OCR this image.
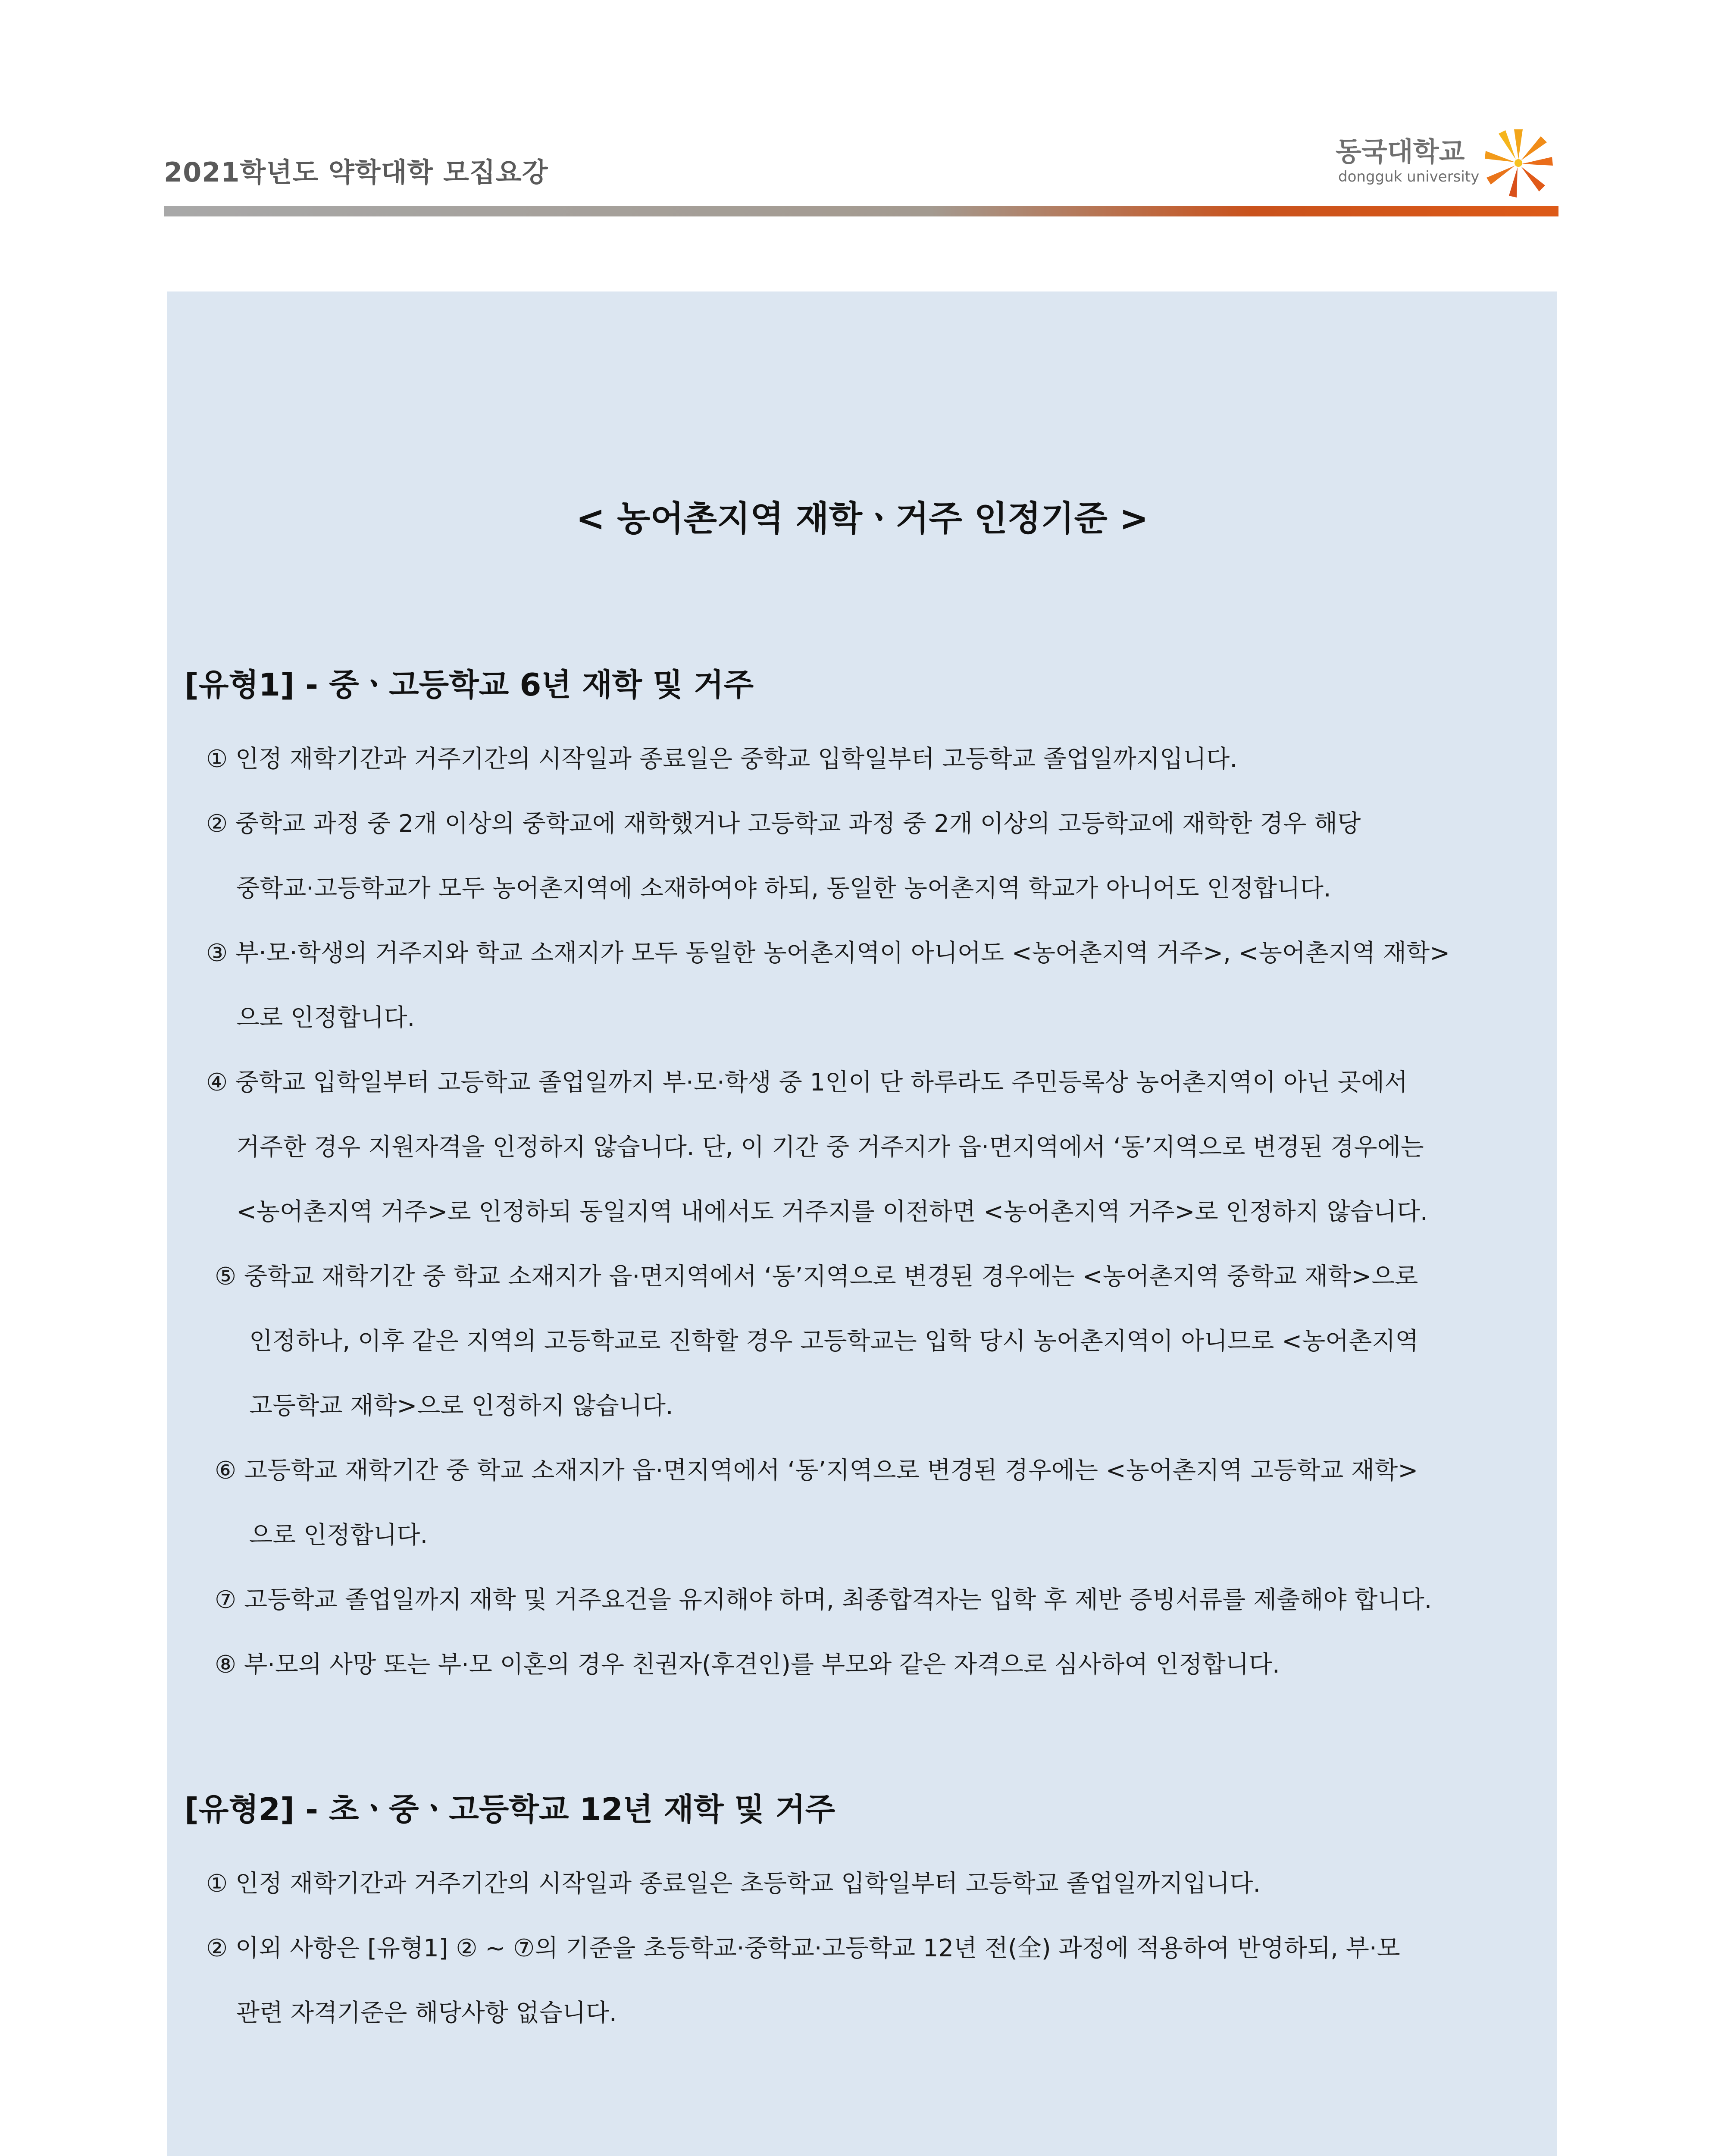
2021학년도 약학대학 모집요강
동국대학교
dongguk university
< 농어촌지역 재학ㆍ거주 인정기준 >
[유형1] - 중ㆍ고등학교 6년 재학 및 거주
① 인정 재학기간과 거주기간의 시작일과 종료일은 중학교 입학일부터 고등학교 졸업일까지입니다.
② 중학교 과정 중 2개 이상의 중학교에 재학했거나 고등학교 과정 중 2개 이상의 고등학교에 재학한 경우 해당
중학교·고등학교가 모두 농어촌지역에 소재하여야 하되, 동일한 농어촌지역 학교가 아니어도 인정합니다.
③ 부·모·학생의 거주지와 학교 소재지가 모두 동일한 농어촌지역이 아니어도 <농어촌지역 거주>, <농어촌지역 재학>
으로 인정합니다.
④ 중학교 입학일부터 고등학교 졸업일까지 부·모·학생 중 1인이 단 하루라도 주민등록상 농어촌지역이 아닌 곳에서
거주한 경우 지원자격을 인정하지 않습니다. 단, 이 기간 중 거주지가 읍·면지역에서 ‘동’지역으로 변경된 경우에는
<농어촌지역 거주>로 인정하되 동일지역 내에서도 거주지를 이전하면 <농어촌지역 거주>로 인정하지 않습니다.
⑤ 중학교 재학기간 중 학교 소재지가 읍·면지역에서 ‘동’지역으로 변경된 경우에는 <농어촌지역 중학교 재학>으로
인정하나, 이후 같은 지역의 고등학교로 진학할 경우 고등학교는 입학 당시 농어촌지역이 아니므로 <농어촌지역
고등학교 재학>으로 인정하지 않습니다.
⑥ 고등학교 재학기간 중 학교 소재지가 읍·면지역에서 ‘동’지역으로 변경된 경우에는 <농어촌지역 고등학교 재학>
으로 인정합니다.
⑦ 고등학교 졸업일까지 재학 및 거주요건을 유지해야 하며, 최종합격자는 입학 후 제반 증빙서류를 제출해야 합니다.
⑧ 부·모의 사망 또는 부·모 이혼의 경우 친권자(후견인)를 부모와 같은 자격으로 심사하여 인정합니다.
[유형2] - 초ㆍ중ㆍ고등학교 12년 재학 및 거주
① 인정 재학기간과 거주기간의 시작일과 종료일은 초등학교 입학일부터 고등학교 졸업일까지입니다.
② 이외 사항은 [유형1] ② ~ ⑦의 기준을 초등학교·중학교·고등학교 12년 전(全) 과정에 적용하여 반영하되, 부·모
관련 자격기준은 해당사항 없습니다.
